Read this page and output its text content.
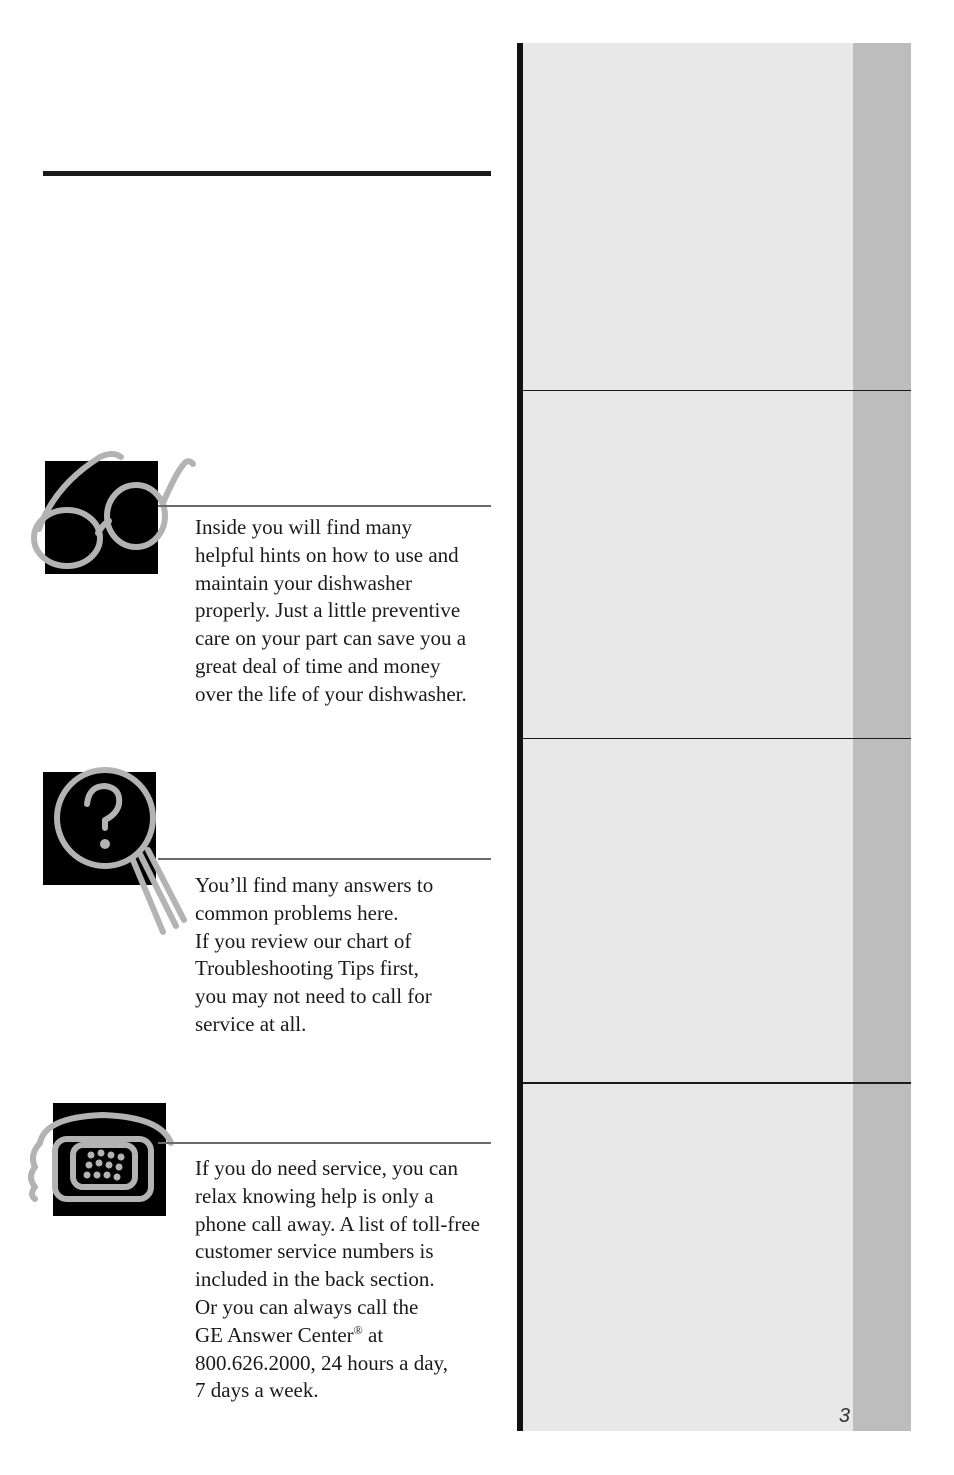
Inside you will find many
helpful hints on how to use and
maintain your dishwasher
properly. Just a little preventive
care on your part can save you a
great deal of time and money
over the life of your dishwasher.
You’ll find many answers to
common problems here.
If you review our chart of
Troubleshooting Tips first,
you may not need to call for
service at all.
If you do need service, you can
relax knowing help is only a
phone call away. A list of toll-free
customer service numbers is
included in the back section.
Or you can always call the
GE Answer Center® at
800.626.2000, 24 hours a day,
7 days a week.
3
